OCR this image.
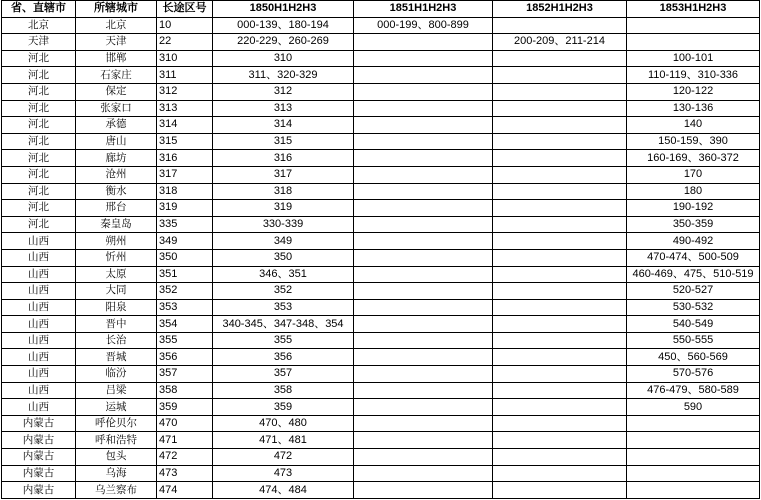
省、直辖市	所辖城市	长途区号	1850H1H2H3	1851H1H2H3	1852H1H2H3	1853H1H2H3
北京	北京	10	000-139、180-194	000-199、800-899		
天津	天津	22	220-229、260-269		200-209、211-214	
河北	邯郸	310	310			100-101
河北	石家庄	311	311、320-329			110-119、310-336
河北	保定	312	312			120-122
河北	张家口	313	313			130-136
河北	承德	314	314			140
河北	唐山	315	315			150-159、390
河北	廊坊	316	316			160-169、360-372
河北	沧州	317	317			170
河北	衡水	318	318			180
河北	邢台	319	319			190-192
河北	秦皇岛	335	330-339			350-359
山西	朔州	349	349			490-492
山西	忻州	350	350			470-474、500-509
山西	太原	351	346、351			460-469、475、510-519
山西	大同	352	352			520-527
山西	阳泉	353	353			530-532
山西	晋中	354	340-345、347-348、354			540-549
山西	长治	355	355			550-555
山西	晋城	356	356			450、560-569
山西	临汾	357	357			570-576
山西	吕梁	358	358			476-479、580-589
山西	运城	359	359			590
内蒙古	呼伦贝尔	470	470、480			
内蒙古	呼和浩特	471	471、481			
内蒙古	包头	472	472			
内蒙古	乌海	473	473			
内蒙古	乌兰察布	474	474、484			
